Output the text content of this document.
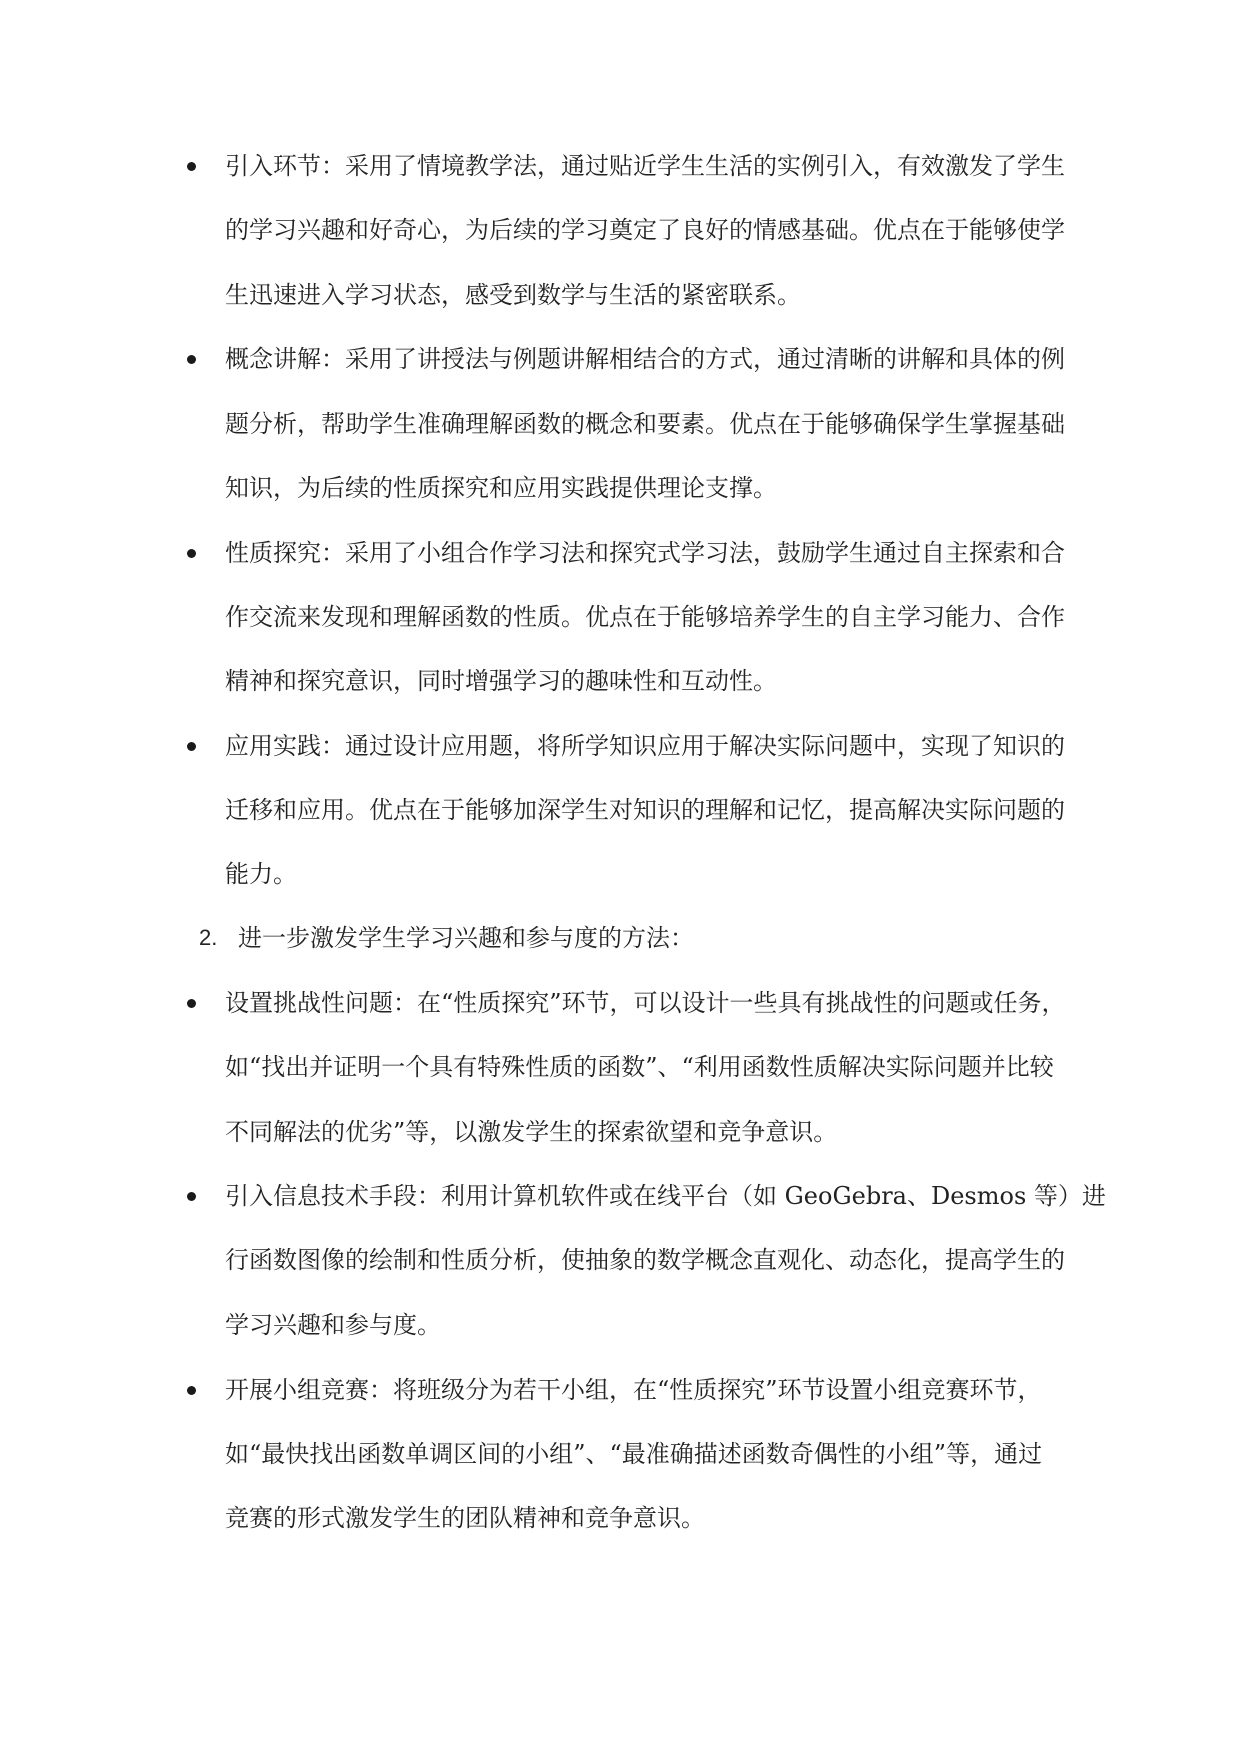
引入环节：采用了情境教学法，通过贴近学生生活的实例引入，有效激发了学生
的学习兴趣和好奇心，为后续的学习奠定了良好的情感基础。优点在于能够使学
生迅速进入学习状态，感受到数学与生活的紧密联系。
概念讲解：采用了讲授法与例题讲解相结合的方式，通过清晰的讲解和具体的例
题分析，帮助学生准确理解函数的概念和要素。优点在于能够确保学生掌握基础
知识，为后续的性质探究和应用实践提供理论支撑。
性质探究：采用了小组合作学习法和探究式学习法，鼓励学生通过自主探索和合
作交流来发现和理解函数的性质。优点在于能够培养学生的自主学习能力、合作
精神和探究意识，同时增强学习的趣味性和互动性。
应用实践：通过设计应用题，将所学知识应用于解决实际问题中，实现了知识的
迁移和应用。优点在于能够加深学生对知识的理解和记忆，提高解决实际问题的
能力。
2. 进一步激发学生学习兴趣和参与度的方法：
设置挑战性问题：在“性质探究”环节，可以设计一些具有挑战性的问题或任务，
如“找出并证明一个具有特殊性质的函数”、“利用函数性质解决实际问题并比较
不同解法的优劣”等，以激发学生的探索欲望和竞争意识。
引入信息技术手段：利用计算机软件或在线平台（如 GeoGebra、Desmos 等）进
行函数图像的绘制和性质分析，使抽象的数学概念直观化、动态化，提高学生的
学习兴趣和参与度。
开展小组竞赛：将班级分为若干小组，在“性质探究”环节设置小组竞赛环节，
如“最快找出函数单调区间的小组”、“最准确描述函数奇偶性的小组”等，通过
竞赛的形式激发学生的团队精神和竞争意识。
